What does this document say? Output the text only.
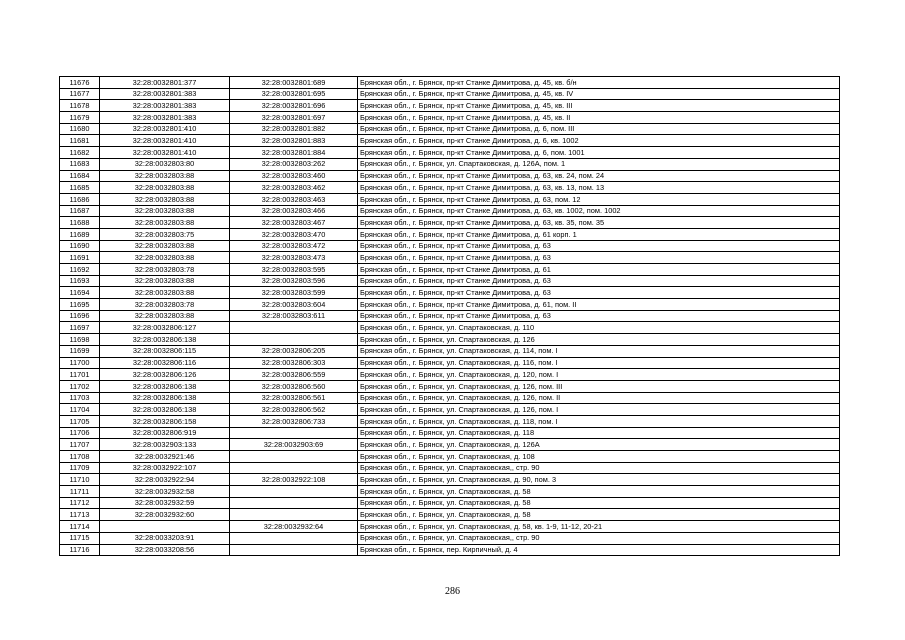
11676	32:28:0032801:377	32:28:0032801:689	Брянская обл., г. Брянск, пр-кт Станке Димитрова, д. 45, кв. б/н
11677	32:28:0032801:383	32:28:0032801:695	Брянская обл., г. Брянск, пр-кт Станке Димитрова, д. 45, кв. IV
11678	32:28:0032801:383	32:28:0032801:696	Брянская обл., г. Брянск, пр-кт Станке Димитрова, д. 45, кв. III
11679	32:28:0032801:383	32:28:0032801:697	Брянская обл., г. Брянск, пр-кт Станке Димитрова, д. 45, кв. II
11680	32:28:0032801:410	32:28:0032801:882	Брянская обл., г. Брянск, пр-кт Станке Димитрова, д. 6, пом. III
11681	32:28:0032801:410	32:28:0032801:883	Брянская обл., г. Брянск, пр-кт Станке Димитрова, д. 6, кв. 1002
11682	32:28:0032801:410	32:28:0032801:884	Брянская обл., г. Брянск, пр-кт Станке Димитрова, д. 6, пом. 1001
11683	32:28:0032803:80	32:28:0032803:262	Брянская обл., г. Брянск, ул. Спартаковская, д. 126А, пом. 1
11684	32:28:0032803:88	32:28:0032803:460	Брянская обл., г. Брянск, пр-кт Станке Димитрова, д. 63, кв. 24, пом. 24
11685	32:28:0032803:88	32:28:0032803:462	Брянская обл., г. Брянск, пр-кт Станке Димитрова, д. 63, кв. 13, пом. 13
11686	32:28:0032803:88	32:28:0032803:463	Брянская обл., г. Брянск, пр-кт Станке Димитрова, д. 63, пом. 12
11687	32:28:0032803:88	32:28:0032803:466	Брянская обл., г. Брянск, пр-кт Станке Димитрова, д. 63, кв. 1002, пом. 1002
11688	32:28:0032803:88	32:28:0032803:467	Брянская обл., г. Брянск, пр-кт Станке Димитрова, д. 63, кв. 35, пом. 35
11689	32:28:0032803:75	32:28:0032803:470	Брянская обл., г. Брянск, пр-кт Станке Димитрова, д. 61 корп. 1
11690	32:28:0032803:88	32:28:0032803:472	Брянская обл., г. Брянск, пр-кт Станке Димитрова, д. 63
11691	32:28:0032803:88	32:28:0032803:473	Брянская обл., г. Брянск, пр-кт Станке Димитрова, д. 63
11692	32:28:0032803:78	32:28:0032803:595	Брянская обл., г. Брянск, пр-кт Станке Димитрова, д. 61
11693	32:28:0032803:88	32:28:0032803:596	Брянская обл., г. Брянск, пр-кт Станке Димитрова, д. 63
11694	32:28:0032803:88	32:28:0032803:599	Брянская обл., г. Брянск, пр-кт Станке Димитрова, д. 63
11695	32:28:0032803:78	32:28:0032803:604	Брянская обл., г. Брянск, пр-кт Станке Димитрова, д. 61, пом. II
11696	32:28:0032803:88	32:28:0032803:611	Брянская обл., г. Брянск, пр-кт Станке Димитрова, д. 63
11697	32:28:0032806:127		Брянская обл., г. Брянск, ул. Спартаковская, д. 110
11698	32:28:0032806:138		Брянская обл., г. Брянск, ул. Спартаковская, д. 126
11699	32:28:0032806:115	32:28:0032806:205	Брянская обл., г. Брянск, ул. Спартаковская, д. 114, пом. I
11700	32:28:0032806:116	32:28:0032806:303	Брянская обл., г. Брянск, ул. Спартаковская, д. 116, пом. I
11701	32:28:0032806:126	32:28:0032806:559	Брянская обл., г. Брянск, ул. Спартаковская, д. 120, пом. I
11702	32:28:0032806:138	32:28:0032806:560	Брянская обл., г. Брянск, ул. Спартаковская, д. 126, пом. III
11703	32:28:0032806:138	32:28:0032806:561	Брянская обл., г. Брянск, ул. Спартаковская, д. 126, пом. II
11704	32:28:0032806:138	32:28:0032806:562	Брянская обл., г. Брянск, ул. Спартаковская, д. 126, пом. I
11705	32:28:0032806:158	32:28:0032806:733	Брянская обл., г. Брянск, ул. Спартаковская, д. 118, пом. I
11706	32:28:0032806:919		Брянская обл., г. Брянск, ул. Спартаковская, д. 118
11707	32:28:0032903:133	32:28:0032903:69	Брянская обл., г. Брянск, ул. Спартаковская, д. 126А
11708	32:28:0032921:46		Брянская обл., г. Брянск, ул. Спартаковская, д. 108
11709	32:28:0032922:107		Брянская обл., г. Брянск, ул. Спартаковская,, стр. 90
11710	32:28:0032922:94	32:28:0032922:108	Брянская обл., г. Брянск, ул. Спартаковская, д. 90, пом. 3
11711	32:28:0032932:58		Брянская обл., г. Брянск, ул. Спартаковская, д. 58
11712	32:28:0032932:59		Брянская обл., г. Брянск, ул. Спартаковская, д. 58
11713	32:28:0032932:60		Брянская обл., г. Брянск, ул. Спартаковская, д. 58
11714		32:28:0032932:64	Брянская обл., г. Брянск, ул. Спартаковская, д. 58, кв. 1-9, 11-12, 20-21
11715	32:28:0033203:91		Брянская обл., г. Брянск, ул. Спартаковская,, стр. 90
11716	32:28:0033208:56		Брянская обл., г. Брянск, пер. Кирпичный, д. 4
286
